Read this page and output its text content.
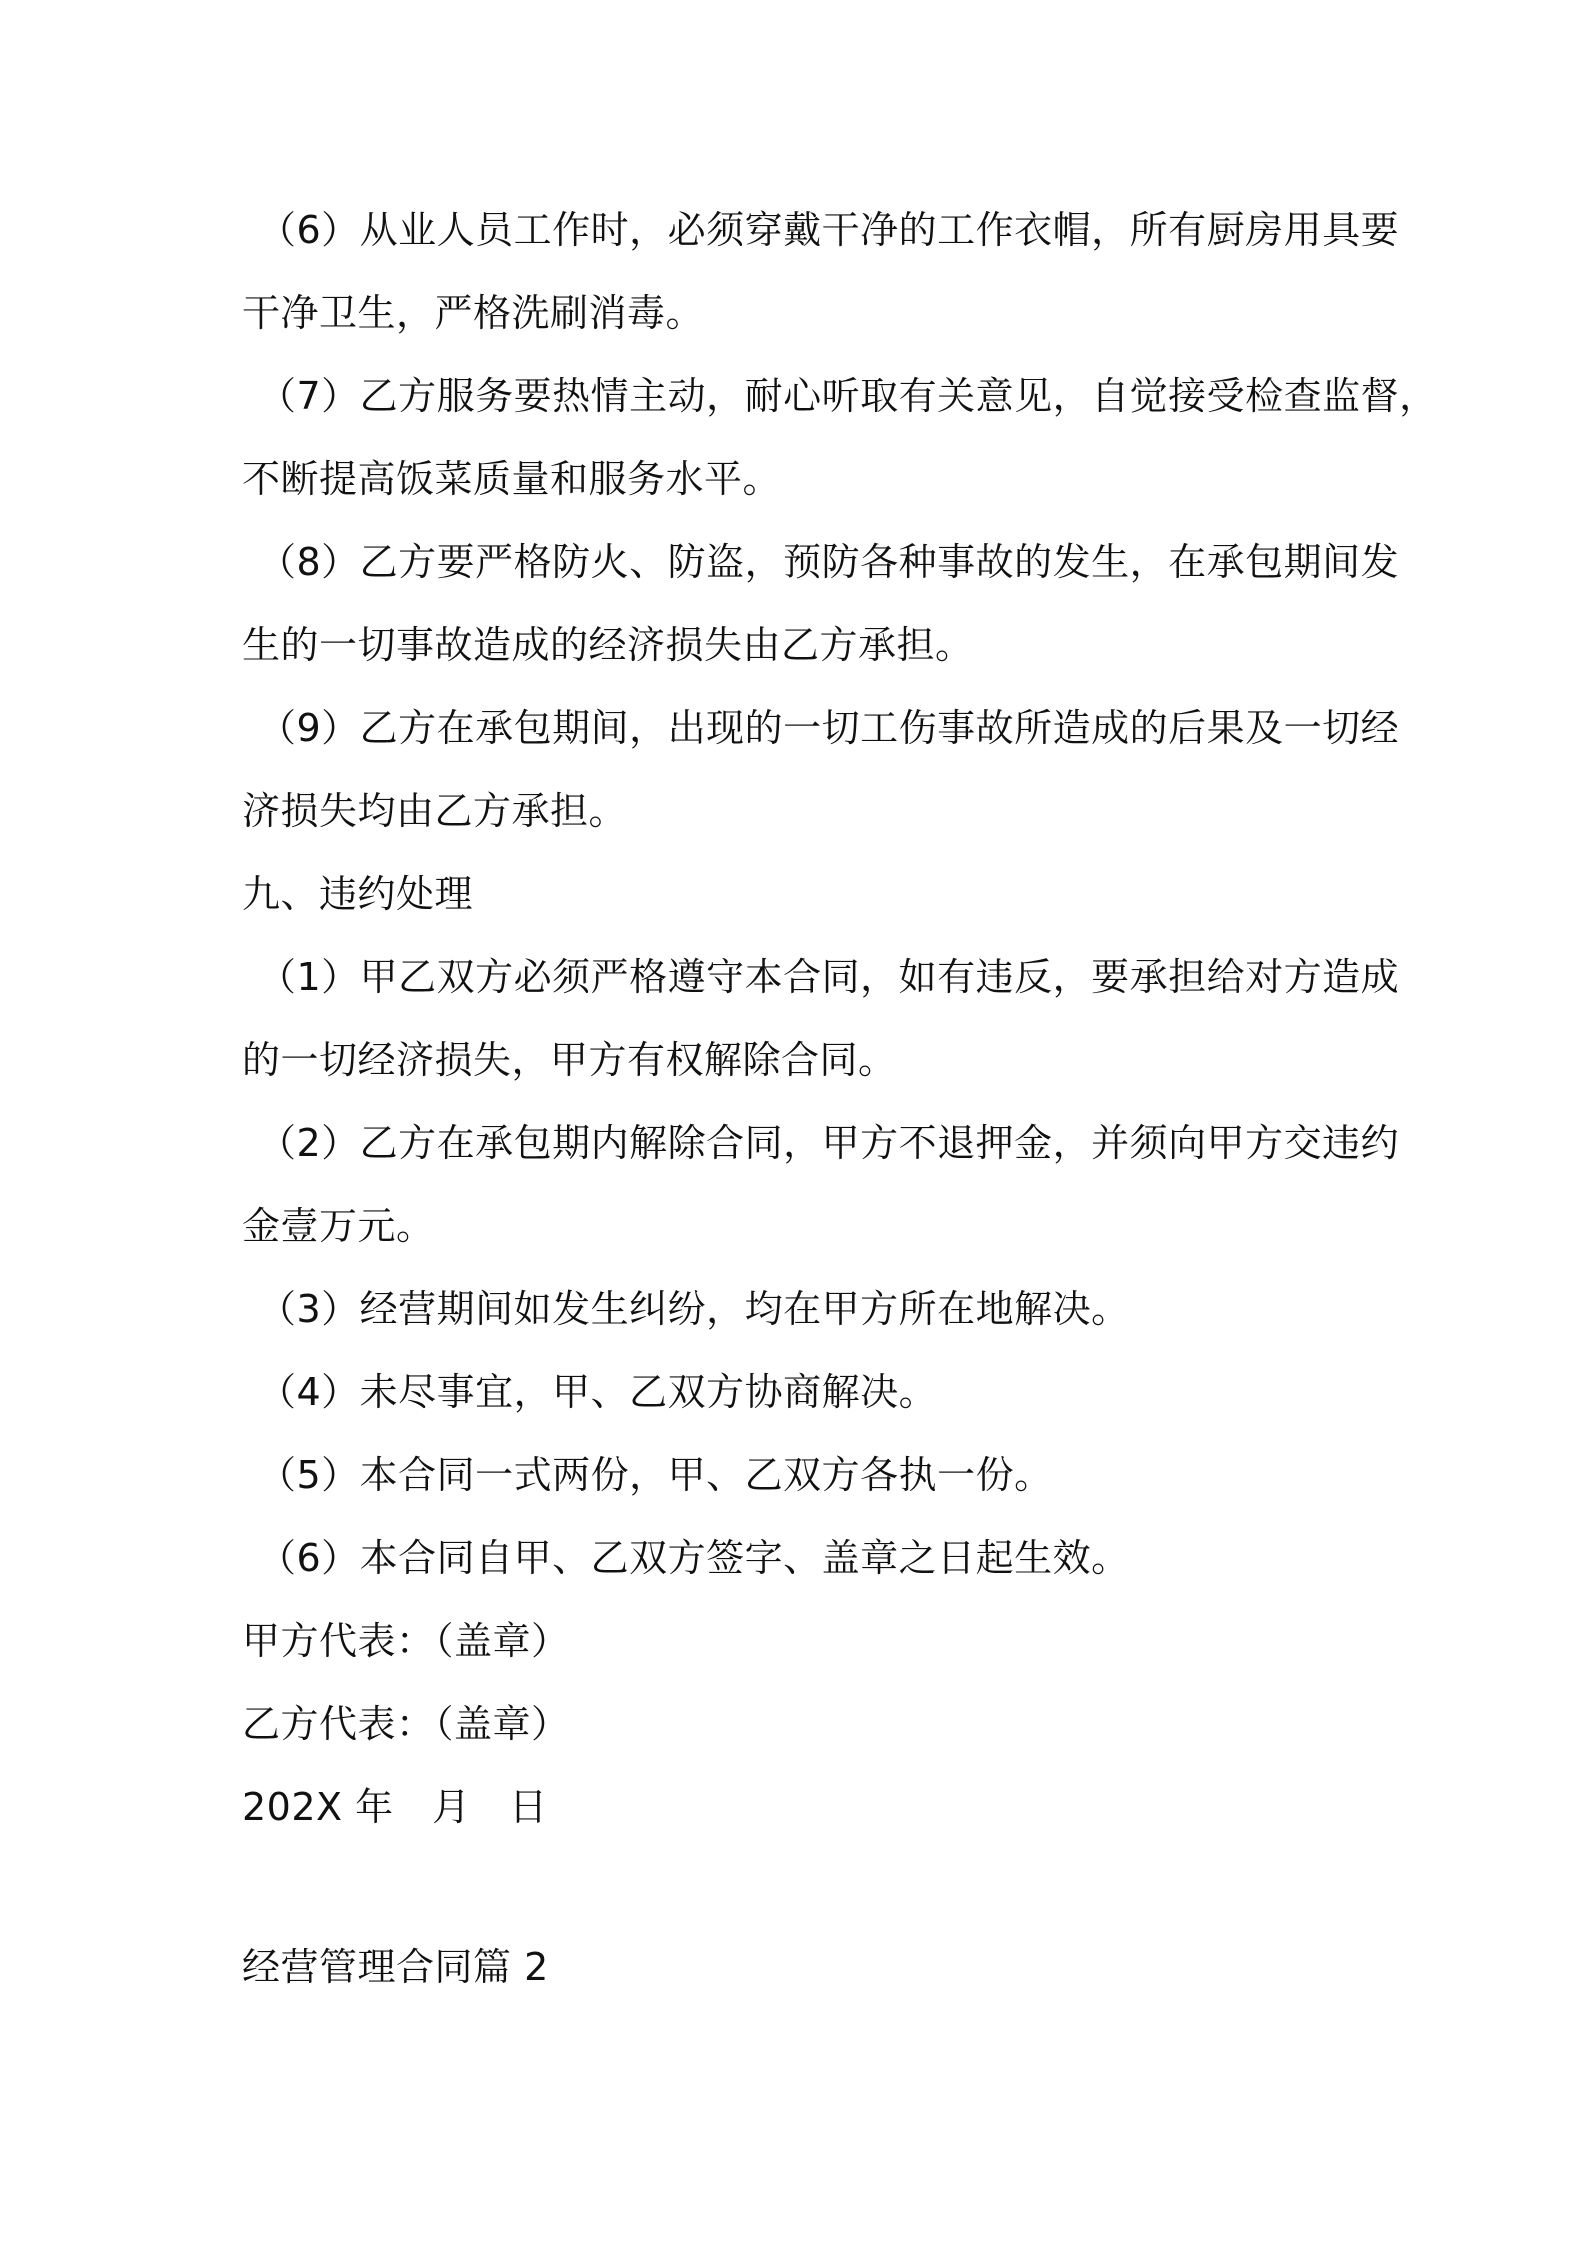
（6）从业人员工作时，必须穿戴干净的工作衣帽，所有厨房用具要
干净卫生，严格洗刷消毒。
（7）乙方服务要热情主动，耐心听取有关意见，自觉接受检查监督，
不断提高饭菜质量和服务水平。
（8）乙方要严格防火、防盗，预防各种事故的发生，在承包期间发
生的一切事故造成的经济损失由乙方承担。
（9）乙方在承包期间，出现的一切工伤事故所造成的后果及一切经
济损失均由乙方承担。
九、违约处理
（1）甲乙双方必须严格遵守本合同，如有违反，要承担给对方造成
的一切经济损失，甲方有权解除合同。
（2）乙方在承包期内解除合同，甲方不退押金，并须向甲方交违约
金壹万元。
（3）经营期间如发生纠纷，均在甲方所在地解决。
（4）未尽事宜，甲、乙双方协商解决。
（5）本合同一式两份，甲、乙双方各执一份。
（6）本合同自甲、乙双方签字、盖章之日起生效。
甲方代表：（盖章）
乙方代表：（盖章）
202X 年　月　日
经营管理合同篇 2
